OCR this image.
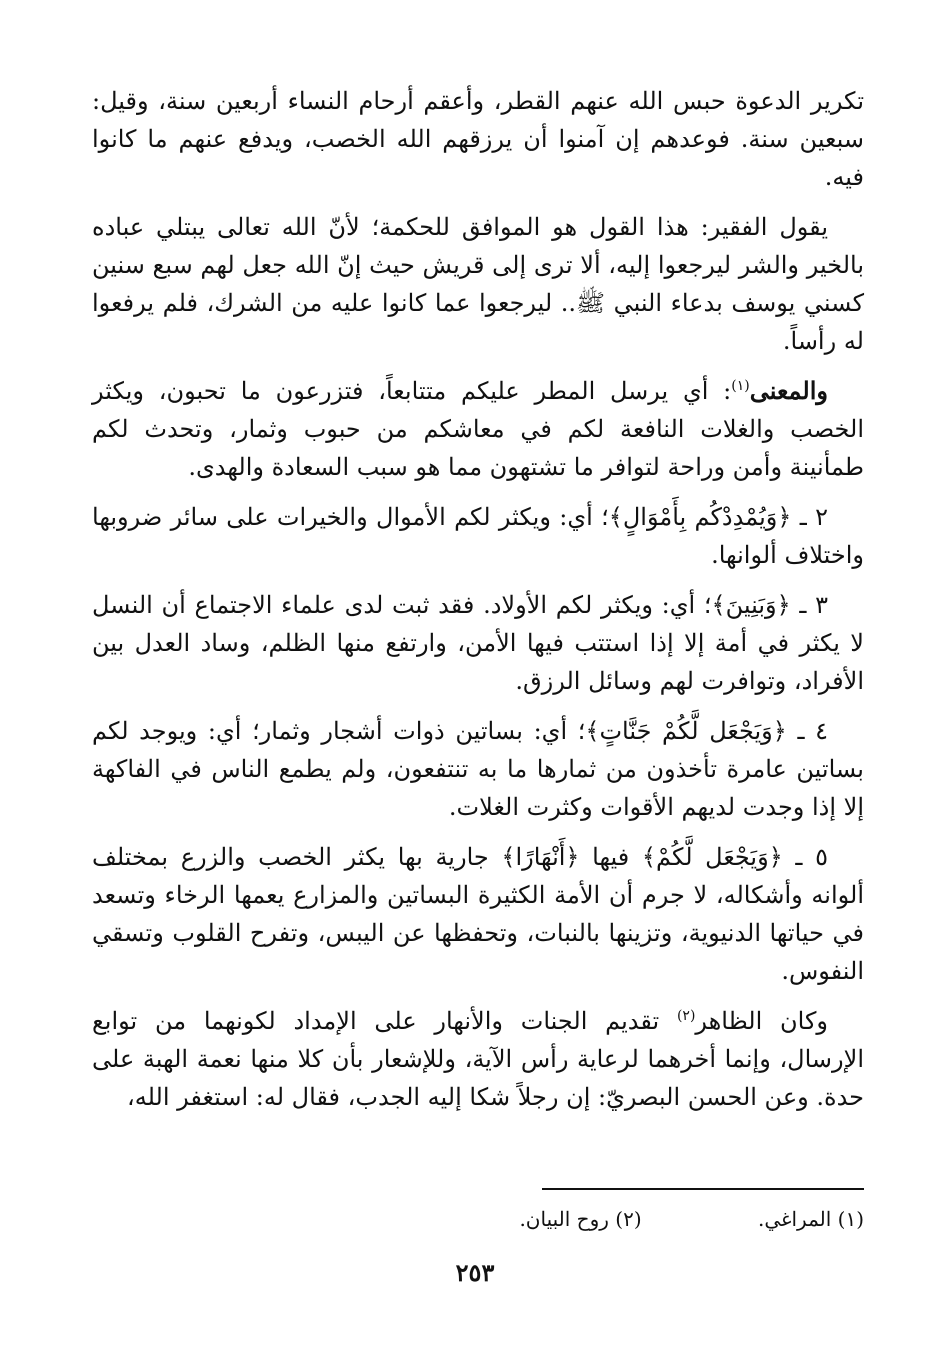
تكرير الدعوة حبس الله عنهم القطر، وأعقم أرحام النساء أربعين سنة، وقيل: سبعين سنة. فوعدهم إن آمنوا أن يرزقهم الله الخصب، ويدفع عنهم ما كانوا فيه.

يقول الفقير: هذا القول هو الموافق للحكمة؛ لأنّ الله تعالى يبتلي عباده بالخير والشر ليرجعوا إليه، ألا ترى إلى قريش حيث إنّ الله جعل لهم سبع سنين كسني يوسف بدعاء النبي ﷺ.. ليرجعوا عما كانوا عليه من الشرك، فلم يرفعوا له رأساً.

والمعنى$^{(١)}$: أي يرسل المطر عليكم متتابعاً، فتزرعون ما تحبون، ويكثر الخصب والغلات النافعة لكم في معاشكم من حبوب وثمار، وتحدث لكم طمأنينة وأمن وراحة لتوافر ما تشتهون مما هو سبب السعادة والهدى.

٢ ـ ﴿وَيُمْدِدْكُم بِأَمْوَالٍ﴾؛ أي: ويكثر لكم الأموال والخيرات على سائر ضروبها واختلاف ألوانها.

٣ ـ ﴿وَبَنِينَ﴾؛ أي: ويكثر لكم الأولاد. فقد ثبت لدى علماء الاجتماع أن النسل لا يكثر في أمة إلا إذا استتب فيها الأمن، وارتفع منها الظلم، وساد العدل بين الأفراد، وتوافرت لهم وسائل الرزق.

٤ ـ ﴿وَيَجْعَل لَّكُمْ جَنَّاتٍ﴾؛ أي: بساتين ذوات أشجار وثمار؛ أي: ويوجد لكم بساتين عامرة تأخذون من ثمارها ما به تنتفعون، ولم يطمع الناس في الفاكهة إلا إذا وجدت لديهم الأقوات وكثرت الغلات.

٥ ـ ﴿وَيَجْعَل لَّكُمْ﴾ فيها ﴿أَنْهَارًا﴾ جارية بها يكثر الخصب والزرع بمختلف ألوانه وأشكاله، لا جرم أن الأمة الكثيرة البساتين والمزارع يعمها الرخاء وتسعد في حياتها الدنيوية، وتزينها بالنبات، وتحفظها عن اليبس، وتفرح القلوب وتسقي النفوس.

وكان الظاهر$^{(٢)}$ تقديم الجنات والأنهار على الإمداد لكونهما من توابع الإرسال، وإنما أخرهما لرعاية رأس الآية، وللإشعار بأن كلا منها نعمة الهبة على حدة. وعن الحسن البصريّ: إن رجلاً شكا إليه الجدب، فقال له: استغفر الله،

(١) المراغي. (٢) روح البيان.
٢٥٣
